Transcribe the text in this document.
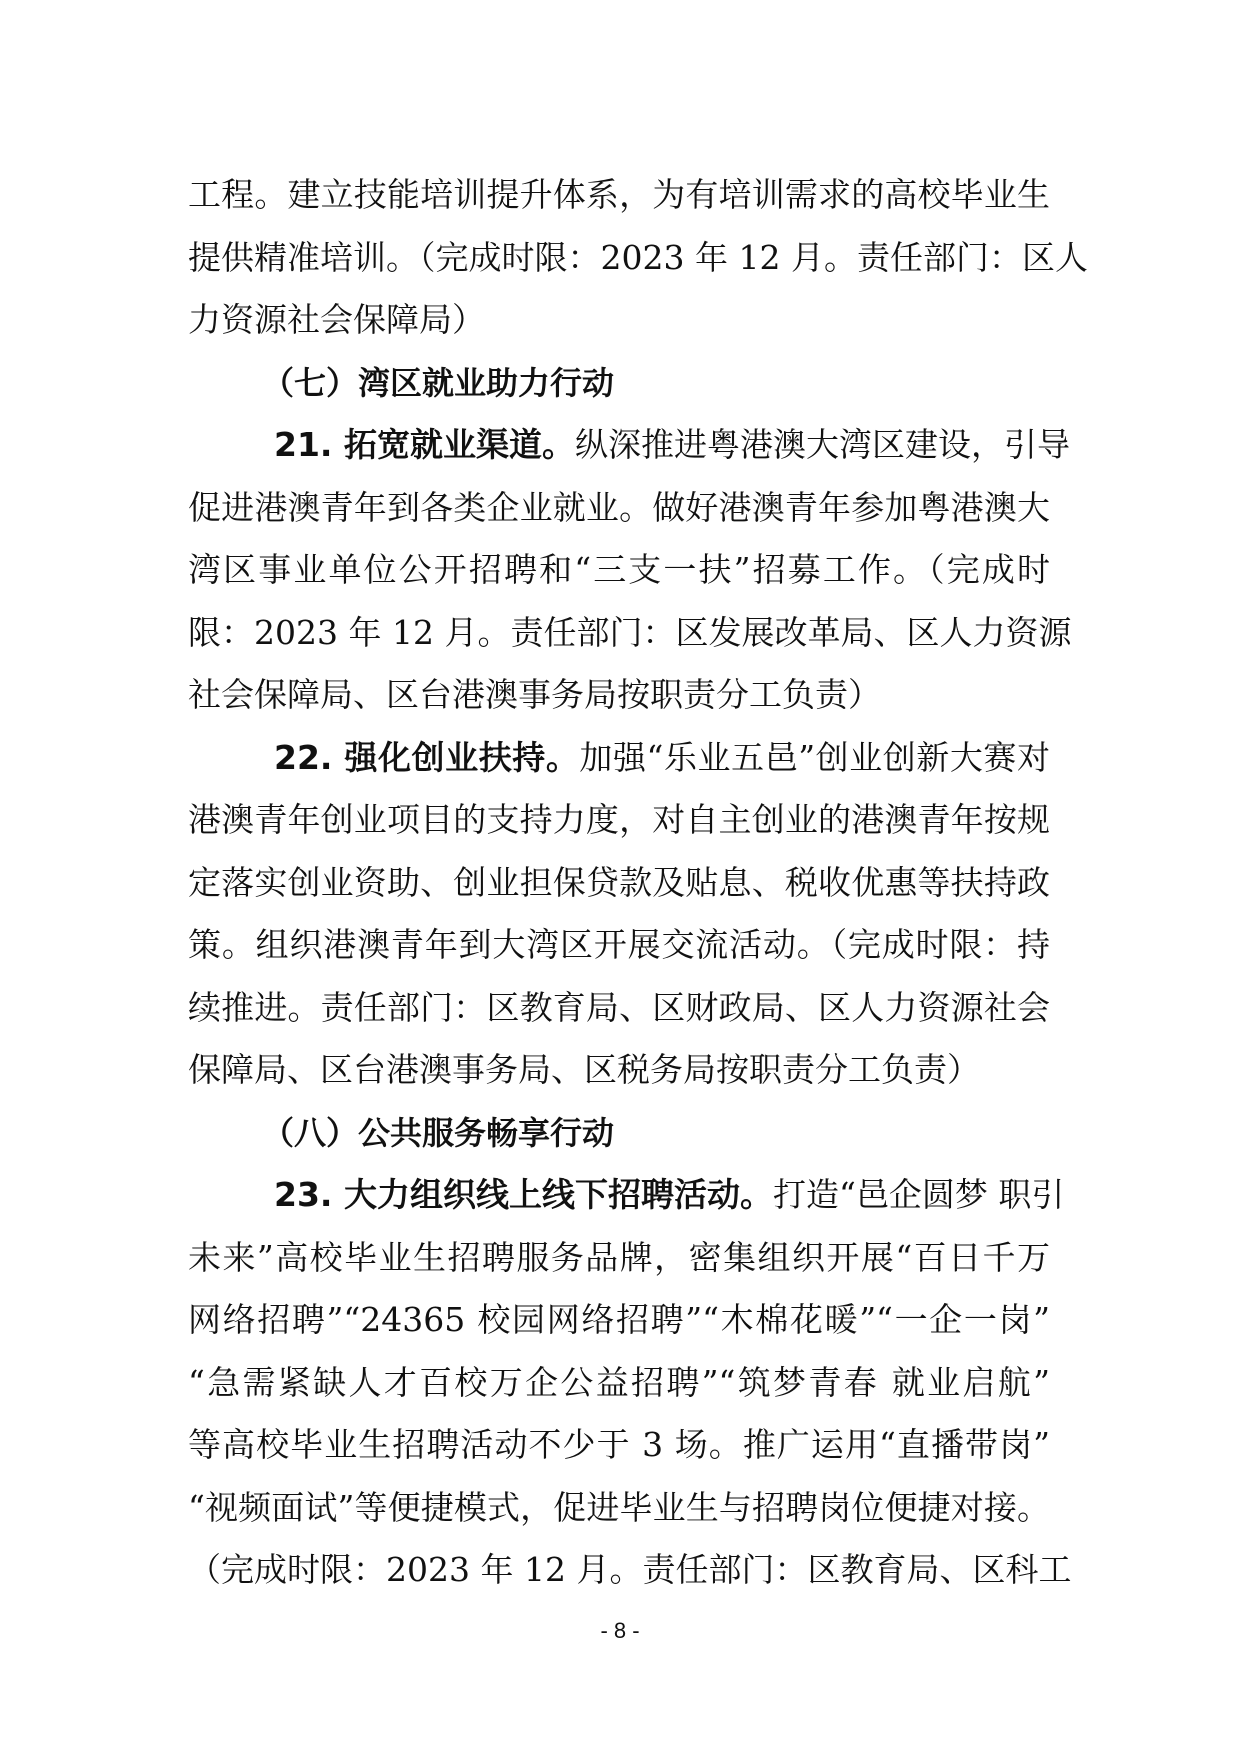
工程。建立技能培训提升体系，为有培训需求的高校毕业生
提供精准培训。（完成时限：2023 年 12 月。责任部门：区人
力资源社会保障局）
（七）湾区就业助力行动
21. 拓宽就业渠道。纵深推进粤港澳大湾区建设，引导
促进港澳青年到各类企业就业。做好港澳青年参加粤港澳大
湾区事业单位公开招聘和“三支一扶”招募工作。（完成时
限：2023 年 12 月。责任部门：区发展改革局、区人力资源
社会保障局、区台港澳事务局按职责分工负责）
22. 强化创业扶持。加强“乐业五邑”创业创新大赛对
港澳青年创业项目的支持力度，对自主创业的港澳青年按规
定落实创业资助、创业担保贷款及贴息、税收优惠等扶持政
策。组织港澳青年到大湾区开展交流活动。（完成时限：持
续推进。责任部门：区教育局、区财政局、区人力资源社会
保障局、区台港澳事务局、区税务局按职责分工负责）
（八）公共服务畅享行动
23. 大力组织线上线下招聘活动。打造“邑企圆梦 职引
未来”高校毕业生招聘服务品牌，密集组织开展“百日千万
网络招聘”“24365 校园网络招聘”“木棉花暖”“一企一岗”
“急需紧缺人才百校万企公益招聘”“筑梦青春 就业启航”
等高校毕业生招聘活动不少于 3 场。推广运用“直播带岗”
“视频面试”等便捷模式，促进毕业生与招聘岗位便捷对接。
（完成时限：2023 年 12 月。责任部门：区教育局、区科工
- 8 -
